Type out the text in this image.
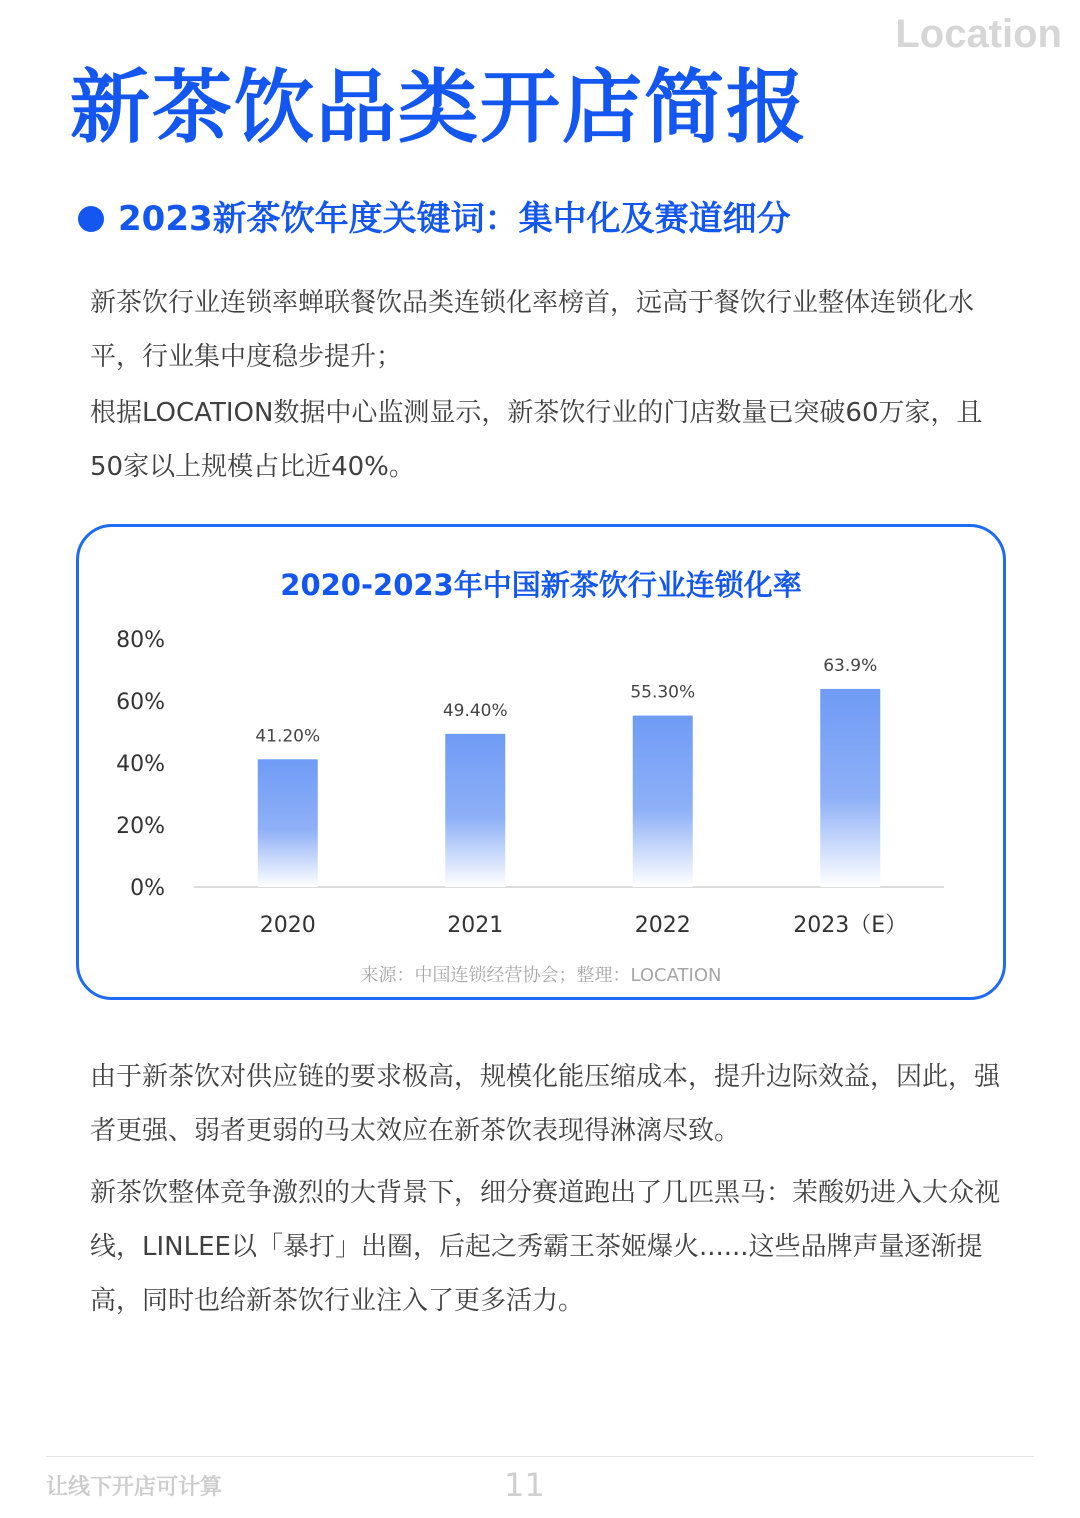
Location
新茶饮品类开店简报
2023新茶饮年度关键词：集中化及赛道细分

新茶饮行业连锁率蝉联餐饮品类连锁化率榜首，远高于餐饮行业整体连锁化水平，行业集中度稳步提升；

根据LOCATION数据中心监测显示，新茶饮行业的门店数量已突破60万家，且50家以上规模占比近40%。

2020-2023年中国新茶饮行业连锁化率
0%
20%
40%
60%
80%
41.20%
2020
49.40%
2021
55.30%
2022
63.9%
2023（E）
来源：中国连锁经营协会；整理：LOCATION

由于新茶饮对供应链的要求极高，规模化能压缩成本，提升边际效益，因此，强者更强、弱者更弱的马太效应在新茶饮表现得淋漓尽致。

新茶饮整体竞争激烈的大背景下，细分赛道跑出了几匹黑马：茉酸奶进入大众视线，LINLEE以「暴打」出圈，后起之秀霸王茶姬爆火......这些品牌声量逐渐提高，同时也给新茶饮行业注入了更多活力。

让线下开店可计算	11
